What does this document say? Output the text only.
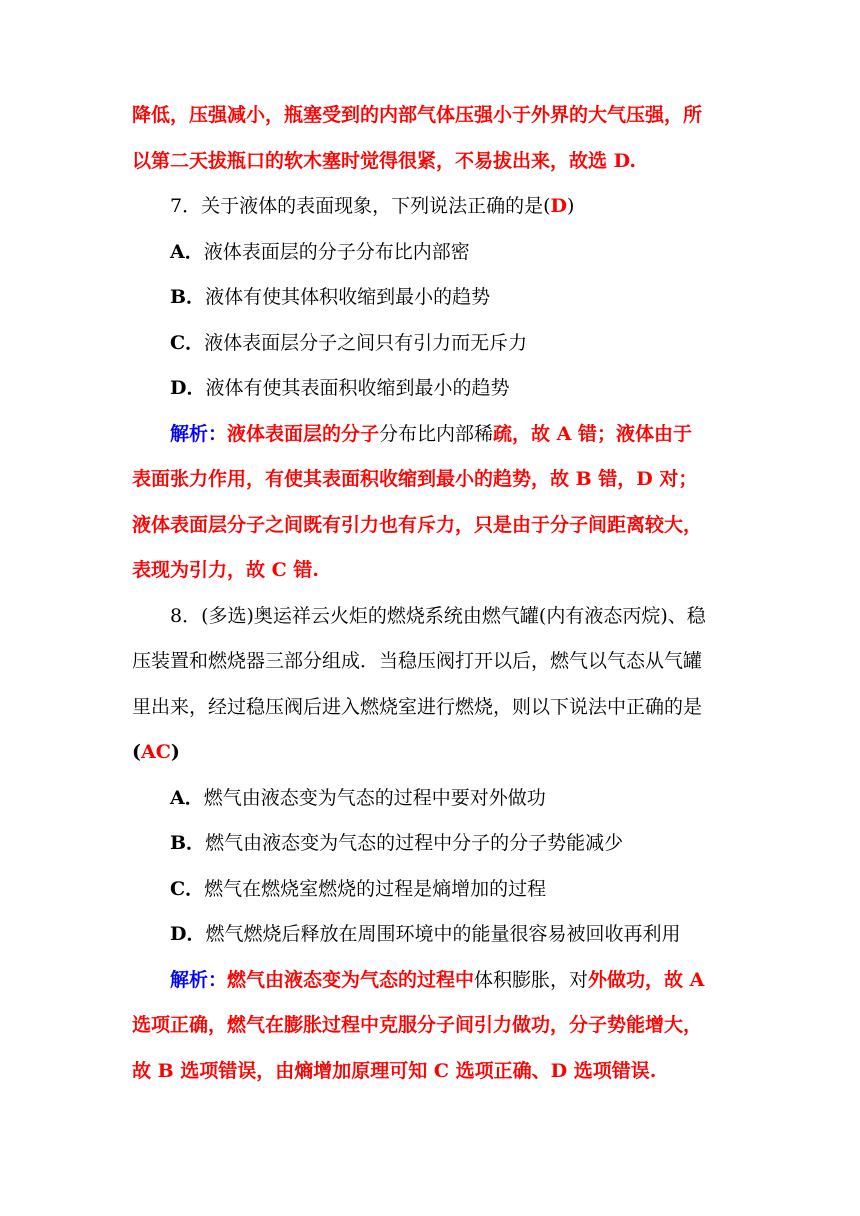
降低，压强减小，瓶塞受到的内部气体压强小于外界的大气压强，所
以第二天拔瓶口的软木塞时觉得很紧，不易拔出来，故选 D.
7．关于液体的表面现象，下列说法正确的是(D)
A．液体表面层的分子分布比内部密
B．液体有使其体积收缩到最小的趋势
C．液体表面层分子之间只有引力而无斥力
D．液体有使其表面积收缩到最小的趋势
解析：液体表面层的分子分布比内部稀疏，故 A 错；液体由于
表面张力作用，有使其表面积收缩到最小的趋势，故 B 错，D 对；
液体表面层分子之间既有引力也有斥力，只是由于分子间距离较大，
表现为引力，故 C 错.
8．(多选)奥运祥云火炬的燃烧系统由燃气罐(内有液态丙烷)、稳
压装置和燃烧器三部分组成．当稳压阀打开以后，燃气以气态从气罐
里出来，经过稳压阀后进入燃烧室进行燃烧，则以下说法中正确的是
(AC)
A．燃气由液态变为气态的过程中要对外做功
B．燃气由液态变为气态的过程中分子的分子势能减少
C．燃气在燃烧室燃烧的过程是熵增加的过程
D．燃气燃烧后释放在周围环境中的能量很容易被回收再利用
解析：燃气由液态变为气态的过程中体积膨胀，对外做功，故 A
选项正确，燃气在膨胀过程中克服分子间引力做功，分子势能增大，
故 B 选项错误，由熵增加原理可知 C 选项正确、D 选项错误.
